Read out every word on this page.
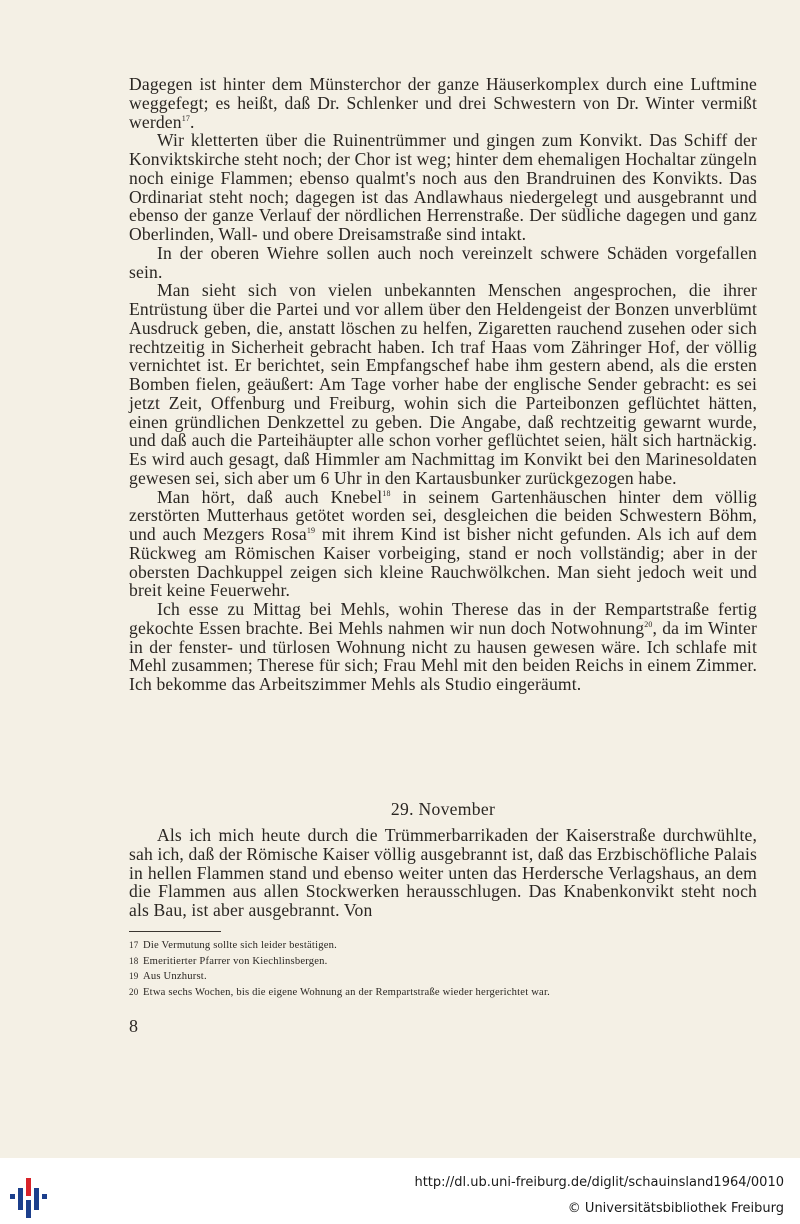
Dagegen ist hinter dem Münsterchor der ganze Häuserkomplex durch eine Luftmine weggefegt; es heißt, daß Dr. Schlenker und drei Schwestern von Dr. Winter vermißt werden$^{17}$.

Wir kletterten über die Ruinentrümmer und gingen zum Konvikt. Das Schiff der Konviktskirche steht noch; der Chor ist weg; hinter dem ehemaligen Hochaltar züngeln noch einige Flammen; ebenso qualmt's noch aus den Brandruinen des Konvikts. Das Ordinariat steht noch; dagegen ist das Andlawhaus niedergelegt und ausgebrannt und ebenso der ganze Verlauf der nördlichen Herrenstraße. Der südliche dagegen und ganz Oberlinden, Wall- und obere Dreisamstraße sind intakt.

In der oberen Wiehre sollen auch noch vereinzelt schwere Schäden vorgefallen sein.

Man sieht sich von vielen unbekannten Menschen angesprochen, die ihrer Entrüstung über die Partei und vor allem über den Heldengeist der Bonzen unverblümt Ausdruck geben, die, anstatt löschen zu helfen, Zigaretten rauchend zusehen oder sich rechtzeitig in Sicherheit gebracht haben. Ich traf Haas vom Zähringer Hof, der völlig vernichtet ist. Er berichtet, sein Empfangschef habe ihm gestern abend, als die ersten Bomben fielen, geäußert: Am Tage vorher habe der englische Sender gebracht: es sei jetzt Zeit, Offenburg und Freiburg, wohin sich die Parteibonzen geflüchtet hätten, einen gründlichen Denkzettel zu geben. Die Angabe, daß rechtzeitig gewarnt wurde, und daß auch die Parteihäupter alle schon vorher geflüchtet seien, hält sich hartnäckig. Es wird auch gesagt, daß Himmler am Nachmittag im Konvikt bei den Marinesoldaten gewesen sei, sich aber um 6 Uhr in den Kartausbunker zurückgezogen habe.

Man hört, daß auch Knebel$^{18}$ in seinem Gartenhäuschen hinter dem völlig zerstörten Mutterhaus getötet worden sei, desgleichen die beiden Schwestern Böhm, und auch Mezgers Rosa$^{19}$ mit ihrem Kind ist bisher nicht gefunden. Als ich auf dem Rückweg am Römischen Kaiser vorbeiging, stand er noch vollständig; aber in der obersten Dachkuppel zeigen sich kleine Rauchwölkchen. Man sieht jedoch weit und breit keine Feuerwehr.

Ich esse zu Mittag bei Mehls, wohin Therese das in der Rempartstraße fertig gekochte Essen brachte. Bei Mehls nahmen wir nun doch Notwohnung$^{20}$, da im Winter in der fenster- und türlosen Wohnung nicht zu hausen gewesen wäre. Ich schlafe mit Mehl zusammen; Therese für sich; Frau Mehl mit den beiden Reichs in einem Zimmer. Ich bekomme das Arbeitszimmer Mehls als Studio eingeräumt.

29. November

Als ich mich heute durch die Trümmerbarrikaden der Kaiserstraße durchwühlte, sah ich, daß der Römische Kaiser völlig ausgebrannt ist, daß das Erzbischöfliche Palais in hellen Flammen stand und ebenso weiter unten das Herdersche Verlagshaus, an dem die Flammen aus allen Stockwerken herausschlugen. Das Knabenkonvikt steht noch als Bau, ist aber ausgebrannt. Von

17 Die Vermutung sollte sich leider bestätigen.
18 Emeritierter Pfarrer von Kiechlinsbergen.
19 Aus Unzhurst.
20 Etwa sechs Wochen, bis die eigene Wohnung an der Rempartstraße wieder hergerichtet war.
8
http://dl.ub.uni-freiburg.de/diglit/schauinsland1964/0010
© Universitätsbibliothek Freiburg
